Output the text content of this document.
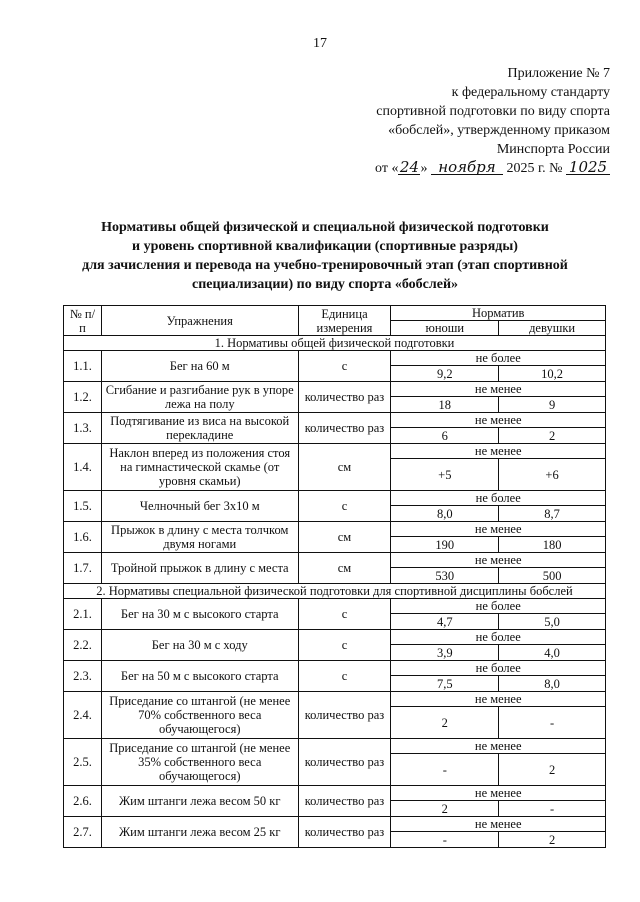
17
Приложение № 7
к федеральному стандарту
спортивной подготовки по виду спорта
«бобслей», утвержденному приказом
Минспорта России
от «24» ноября 2025 г. № 1025
Нормативы общей физической и специальной физической подготовки
и уровень спортивной квалификации (спортивные разряды)
для зачисления и перевода на учебно-тренировочный этап (этап спортивной
специализации) по виду спорта «бобслей»
№ п/п	Упражнения	Единица измерения	Норматив	
			юноши	девушки
1. Нормативы общей физической подготовки				
1.1.	Бег на 60 м	с	не более	
			9,2	10,2
1.2.	Сгибание и разгибание рук в упоре лежа на полу	количество раз	не менее	
			18	9
1.3.	Подтягивание из виса на высокой перекладине	количество раз	не менее	
			6	2
1.4.	Наклон вперед из положения стоя на гимнастической скамье (от уровня скамьи)	см	не менее	
			+5	+6
1.5.	Челночный бег 3х10 м	с	не более	
			8,0	8,7
1.6.	Прыжок в длину с места толчком двумя ногами	см	не менее	
			190	180
1.7.	Тройной прыжок в длину с места	см	не менее	
			530	500
2. Нормативы специальной физической подготовки для спортивной дисциплины бобслей				
2.1.	Бег на 30 м с высокого старта	с	не более	
			4,7	5,0
2.2.	Бег на 30 м с ходу	с	не более	
			3,9	4,0
2.3.	Бег на 50 м с высокого старта	с	не более	
			7,5	8,0
2.4.	Приседание со штангой (не менее 70% собственного веса обучающегося)	количество раз	не менее	
			2	-
2.5.	Приседание со штангой (не менее 35% собственного веса обучающегося)	количество раз	не менее	
			-	2
2.6.	Жим штанги лежа весом 50 кг	количество раз	не менее	
			2	-
2.7.	Жим штанги лежа весом 25 кг	количество раз	не менее	
			-	2
